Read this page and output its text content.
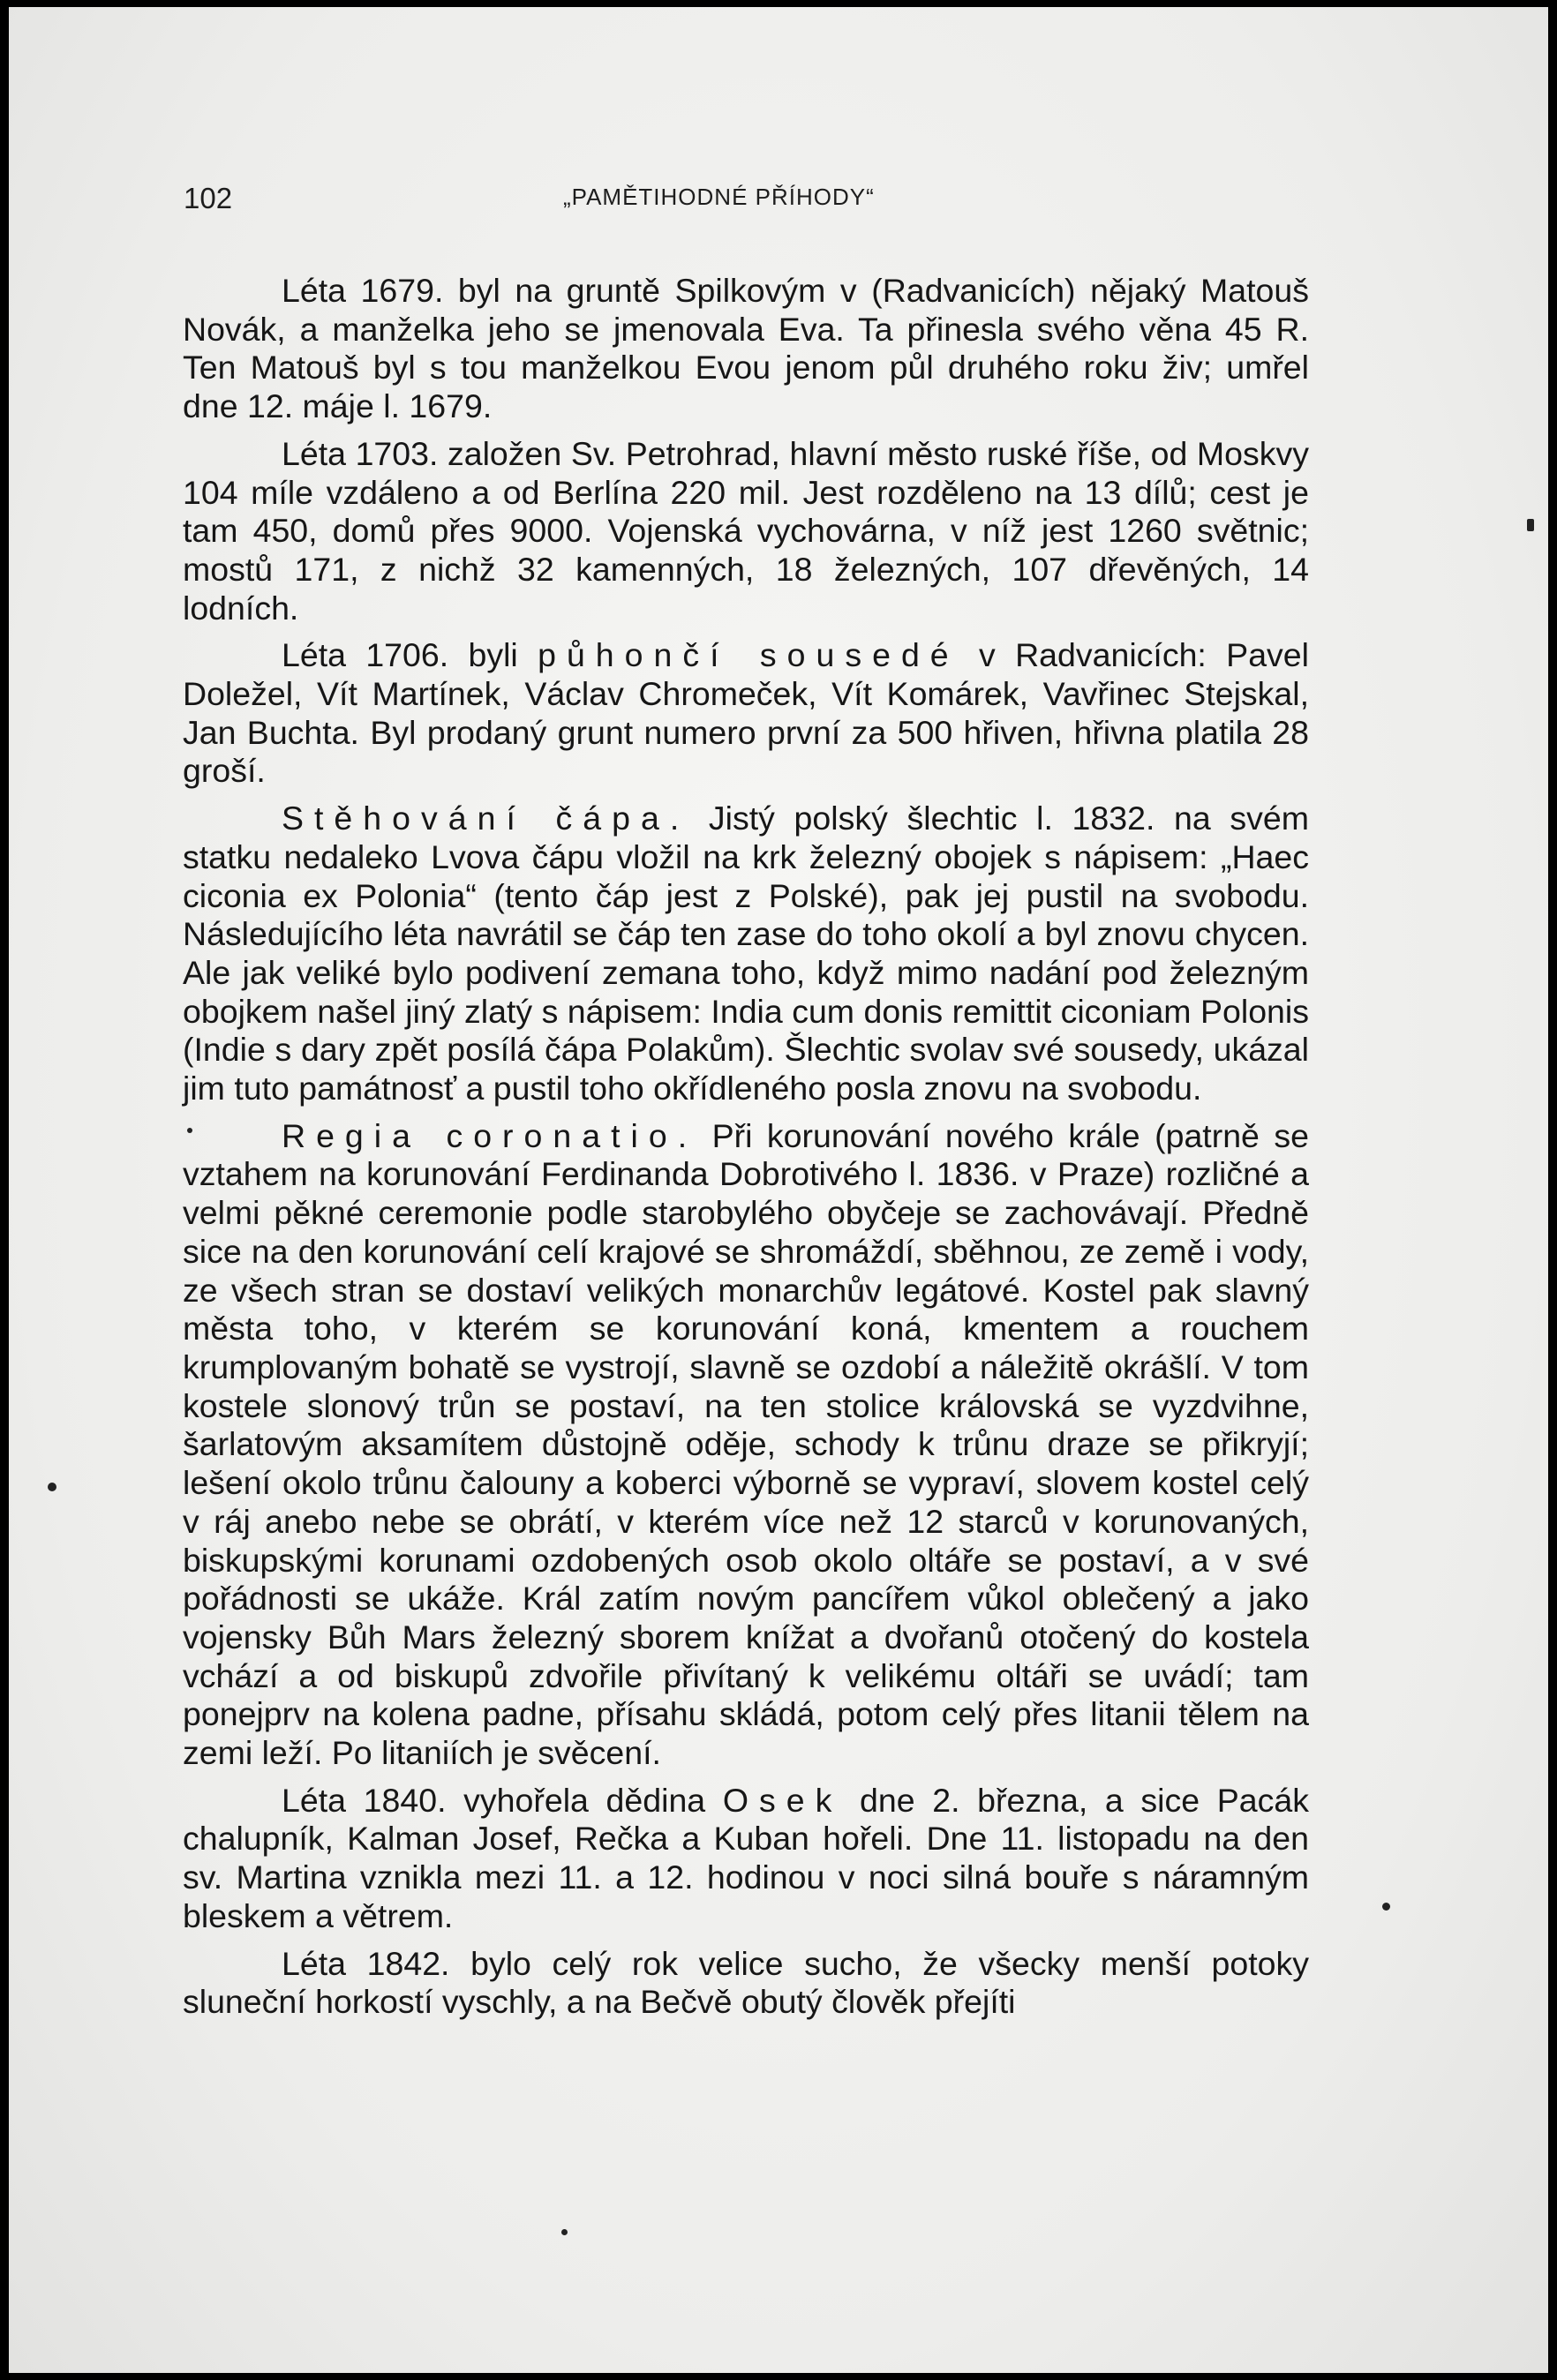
102	„PAMĚTIHODNÉ PŘÍHODY“

Léta 1679. byl na gruntě Spilkovým v (Radvanicích) nějaký Matouš Novák, a manželka jeho se jmenovala Eva. Ta přinesla svého věna 45 R. Ten Matouš byl s tou manželkou Evou jenom půl druhého roku živ; umřel dne 12. máje l. 1679.

Léta 1703. založen Sv. Petrohrad, hlavní město ruské říše, od Moskvy 104 míle vzdáleno a od Berlína 220 mil. Jest rozděleno na 13 dílů; cest je tam 450, domů přes 9000. Vojenská vychovárna, v níž jest 1260 světnic; mostů 171, z nichž 32 kamenných, 18 železných, 107 dřevěných, 14 lodních.

Léta 1706. byli půhončí sousedé v Radvanicích: Pavel Doležel, Vít Martínek, Václav Chromeček, Vít Komárek, Vavřinec Stejskal, Jan Buchta. Byl prodaný grunt numero první za 500 hřiven, hřivna platila 28 groší.

Stěhování čápa. Jistý polský šlechtic l. 1832. na svém statku nedaleko Lvova čápu vložil na krk železný obojek s nápisem: „Haec ciconia ex Polonia“ (tento čáp jest z Polské), pak jej pustil na svobodu. Následujícího léta navrátil se čáp ten zase do toho okolí a byl znovu chycen. Ale jak veliké bylo podivení zemana toho, když mimo nadání pod železným obojkem našel jiný zlatý s nápisem: India cum donis remittit ciconiam Polonis (Indie s dary zpět posílá čápa Polakům). Šlechtic svolav své sousedy, ukázal jim tuto památnosť a pustil toho okřídleného posla znovu na svobodu.

Regia coronatio. Při korunování nového krále (patrně se vztahem na korunování Ferdinanda Dobrotivého l. 1836. v Praze) rozličné a velmi pěkné ceremonie podle starobylého obyčeje se zachovávají. Předně sice na den korunování celí krajové se shromáždí, sběhnou, ze země i vody, ze všech stran se dostaví velikých monarchův legátové. Kostel pak slavný města toho, v kterém se korunování koná, kmentem a rouchem krumplovaným bohatě se vystrojí, slavně se ozdobí a náležitě okrášlí. V tom kostele slonový trůn se postaví, na ten stolice královská se vyzdvihne, šarlatovým aksamítem důstojně oděje, schody k trůnu draze se přikryjí; lešení okolo trůnu čalouny a koberci výborně se vypraví, slovem kostel celý v ráj anebo nebe se obrátí, v kterém více než 12 starců v korunovaných, biskupskými korunami ozdobených osob okolo oltáře se postaví, a v své pořádnosti se ukáže. Král zatím novým pancířem vůkol oblečený a jako vojensky Bůh Mars železný sborem knížat a dvořanů otočený do kostela vchází a od biskupů zdvořile přivítaný k velikému oltáři se uvádí; tam ponejprv na kolena padne, přísahu skládá, potom celý přes litanii tělem na zemi leží. Po litaniích je svěcení.

Léta 1840. vyhořela dědina Osek dne 2. března, a sice Pacák chalupník, Kalman Josef, Rečka a Kuban hořeli. Dne 11. listopadu na den sv. Martina vznikla mezi 11. a 12. hodinou v noci silná bouře s náramným bleskem a větrem.

Léta 1842. bylo celý rok velice sucho, že všecky menší potoky sluneční horkostí vyschly, a na Bečvě obutý člověk přejíti
